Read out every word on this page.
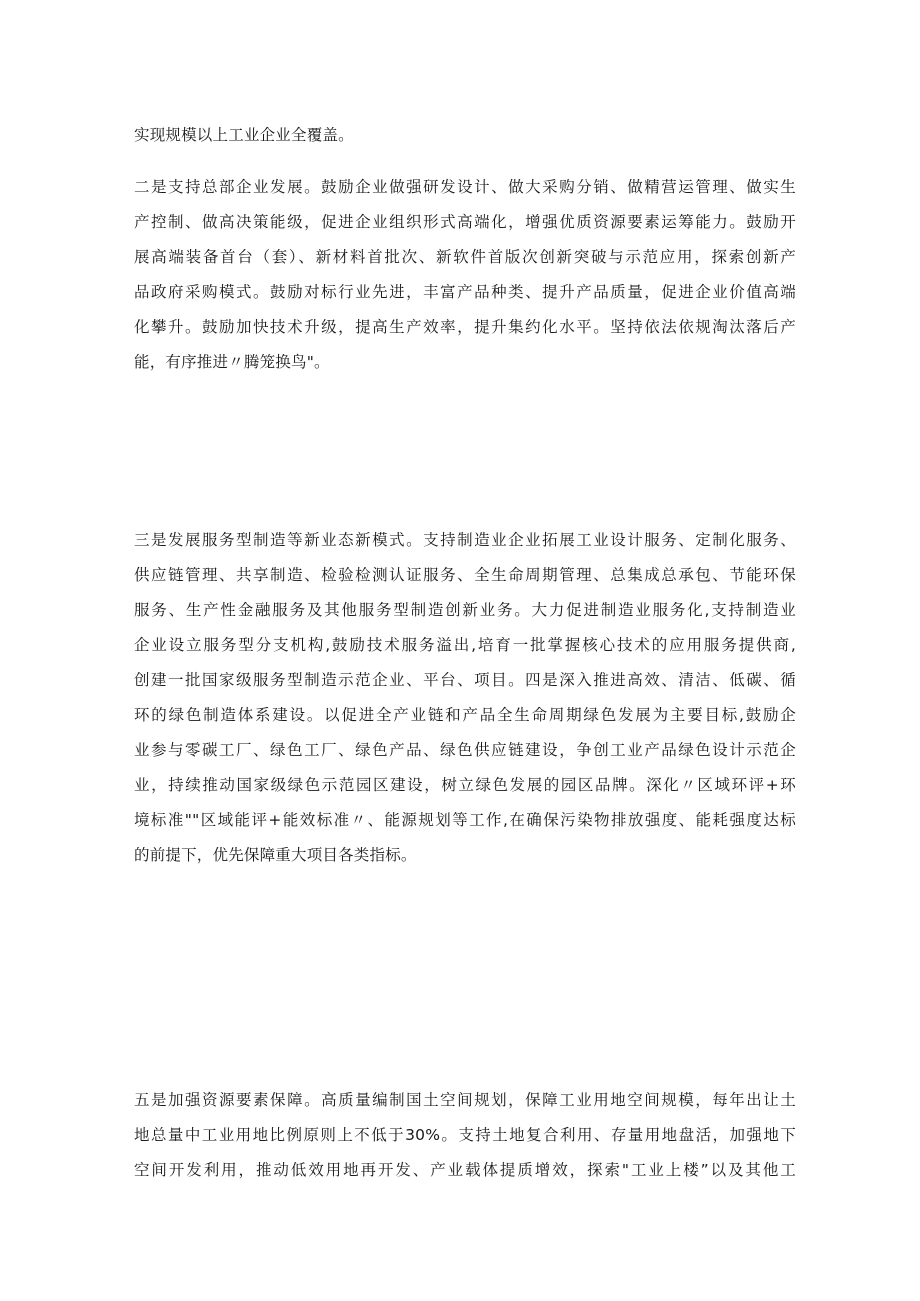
实现规模以上工业企业全覆盖。
二是支持总部企业发展。鼓励企业做强研发设计、做大采购分销、做精营运管理、做实生
产控制、做高决策能级，促进企业组织形式高端化，增强优质资源要素运筹能力。鼓励开
展高端装备首台（套）、新材料首批次、新软件首版次创新突破与示范应用，探索创新产
品政府采购模式。鼓励对标行业先进，丰富产品种类、提升产品质量，促进企业价值高端
化攀升。鼓励加快技术升级，提高生产效率，提升集约化水平。坚持依法依规淘汰落后产
能，有序推进〃腾笼换鸟"。
三是发展服务型制造等新业态新模式。支持制造业企业拓展工业设计服务、定制化服务、
供应链管理、共享制造、检验检测认证服务、全生命周期管理、总集成总承包、节能环保
服务、生产性金融服务及其他服务型制造创新业务。大力促进制造业服务化,支持制造业
企业设立服务型分支机构,鼓励技术服务溢出,培育一批掌握核心技术的应用服务提供商,
创建一批国家级服务型制造示范企业、平台、项目。四是深入推进高效、清洁、低碳、循
环的绿色制造体系建设。以促进全产业链和产品全生命周期绿色发展为主要目标,鼓励企
业参与零碳工厂、绿色工厂、绿色产品、绿色供应链建设，争创工业产品绿色设计示范企
业，持续推动国家级绿色示范园区建设，树立绿色发展的园区品牌。深化〃区域环评+环
境标准""区域能评+能效标准〃、能源规划等工作,在确保污染物排放强度、能耗强度达标
的前提下，优先保障重大项目各类指标。
五是加强资源要素保障。高质量编制国土空间规划，保障工业用地空间规模，每年出让土
地总量中工业用地比例原则上不低于30%。支持土地复合利用、存量用地盘活，加强地下
空间开发利用，推动低效用地再开发、产业载体提质增效，探索"工业上楼”以及其他工
